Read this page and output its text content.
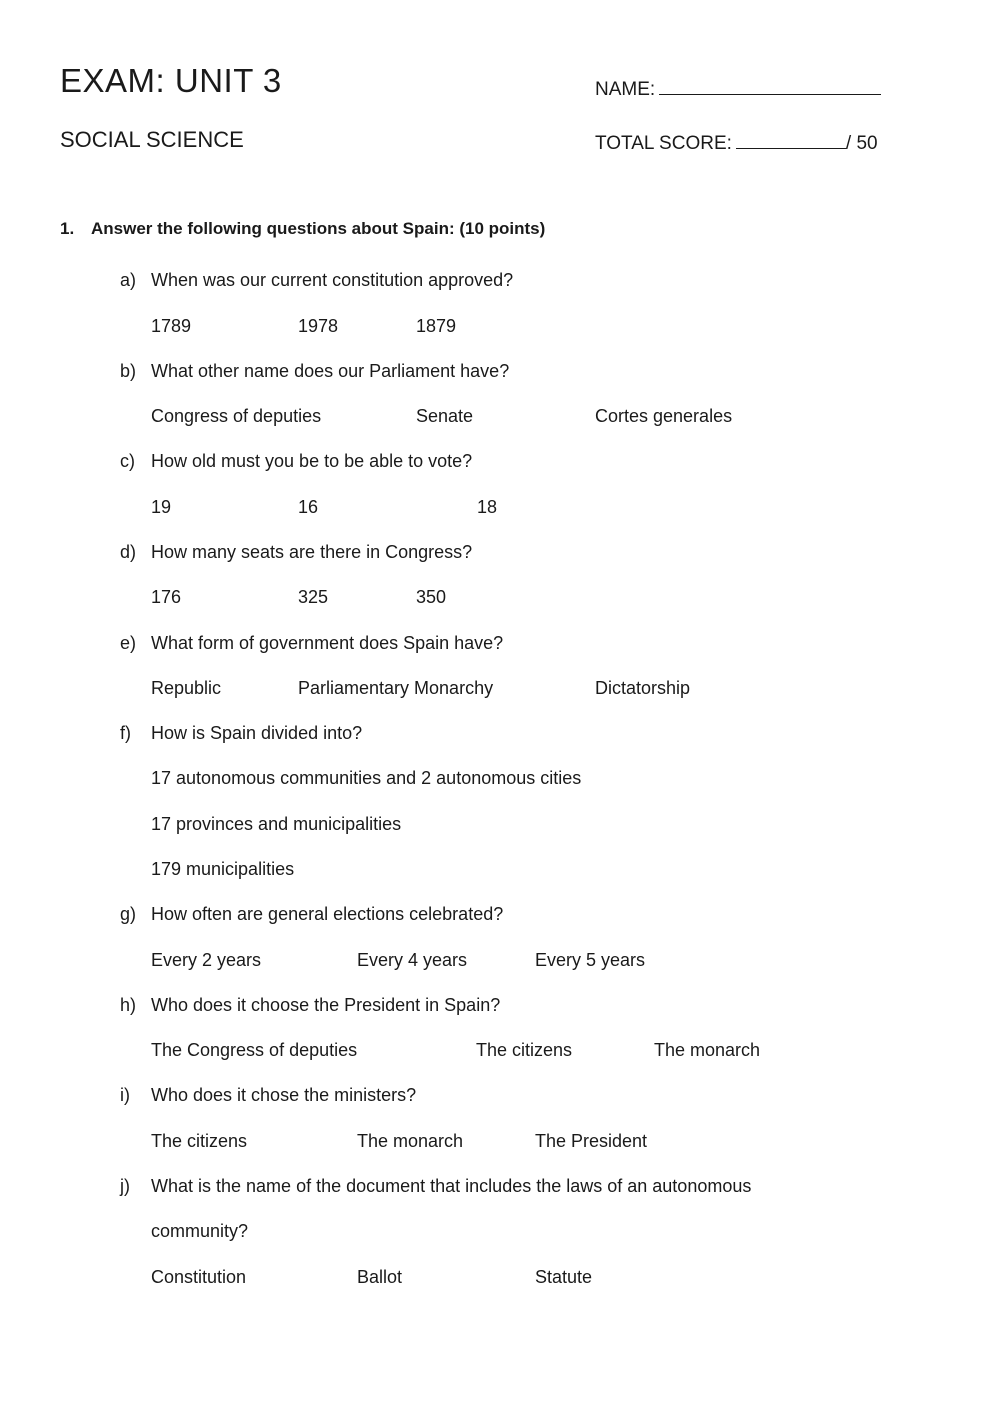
EXAM: UNIT 3
SOCIAL SCIENCE
NAME:
TOTAL SCORE:	/ 50
1. Answer the following questions about Spain: (10 points)
a) When was our current constitution approved?
1789	1978	1879
b) What other name does our Parliament have?
Congress of deputies	Senate	Cortes generales
c) How old must you be to be able to vote?
19	16	18
d) How many seats are there in Congress?
176	325	350
e) What form of government does Spain have?
Republic	Parliamentary Monarchy	Dictatorship
f) How is Spain divided into?
17 autonomous communities and 2 autonomous cities
17 provinces and municipalities
179 municipalities
g) How often are general elections celebrated?
Every 2 years	Every 4 years	Every 5 years
h) Who does it choose the President in Spain?
The Congress of deputies	The citizens	The monarch
i) Who does it chose the ministers?
The citizens	The monarch	The President
j) What is the name of the document that includes the laws of an autonomous
community?
Constitution	Ballot	Statute
